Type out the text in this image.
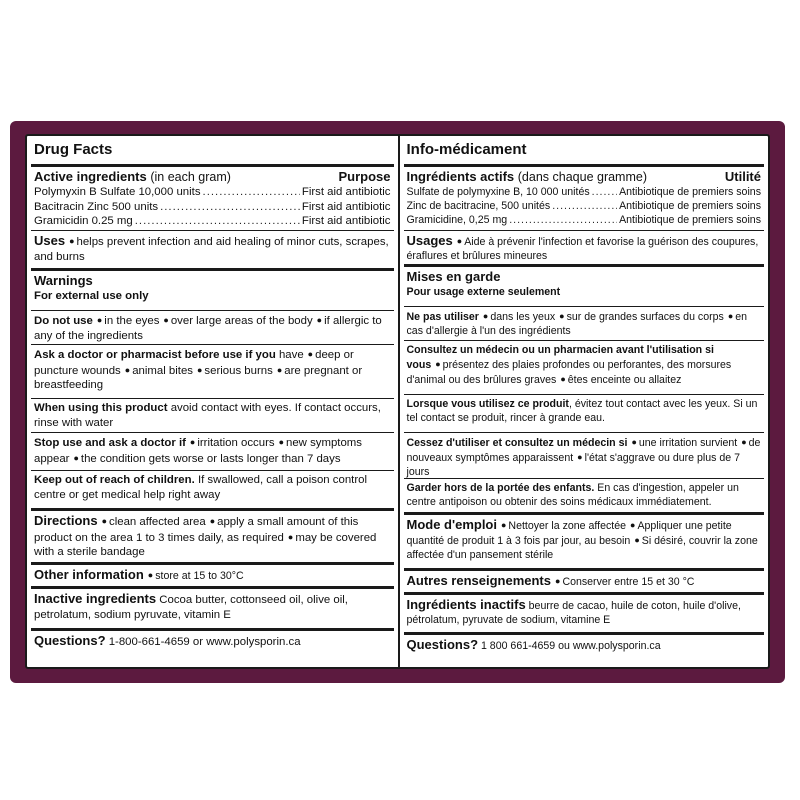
Drug Facts
Active ingredients (in each gram)	Purpose
Polymyxin B Sulfate 10,000 units .....	First aid antibiotic
Bacitracin Zinc 500 units .....	First aid antibiotic
Gramicidin 0.25 mg .....	First aid antibiotic
Uses ● helps prevent infection and aid healing of minor cuts, scrapes, and burns
Warnings
For external use only
Do not use ● in the eyes ● over large areas of the body ● if allergic to any of the ingredients
Ask a doctor or pharmacist before use if you have ● deep or puncture wounds ● animal bites ● serious burns ● are pregnant or breastfeeding
When using this product avoid contact with eyes. If contact occurs, rinse with water
Stop use and ask a doctor if ● irritation occurs ● new symptoms appear ● the condition gets worse or lasts longer than 7 days
Keep out of reach of children. If swallowed, call a poison control centre or get medical help right away
Directions ● clean affected area ● apply a small amount of this product on the area 1 to 3 times daily, as required ● may be covered with a sterile bandage
Other information ● store at 15 to 30°C
Inactive ingredients Cocoa butter, cottonseed oil, olive oil, petrolatum, sodium pyruvate, vitamin E
Questions? 1-800-661-4659 or www.polysporin.ca
Info-médicament
Ingrédients actifs (dans chaque gramme)	Utilité
Sulfate de polymyxine B, 10 000 unités .....	Antibiotique de premiers soins
Zinc de bacitracine, 500 unités .....	Antibiotique de premiers soins
Gramicidine, 0,25 mg .....	Antibiotique de premiers soins
Usages ● Aide à prévenir l'infection et favorise la guérison des coupures, éraflures et brûlures mineures
Mises en garde
Pour usage externe seulement
Ne pas utiliser ● dans les yeux ● sur de grandes surfaces du corps ● en cas d'allergie à l'un des ingrédients
Consultez un médecin ou un pharmacien avant l'utilisation si vous ● présentez des plaies profondes ou perforantes, des morsures d'animal ou des brûlures graves ● êtes enceinte ou allaitez
Lorsque vous utilisez ce produit, évitez tout contact avec les yeux. Si un tel contact se produit, rincer à grande eau.
Cessez d'utiliser et consultez un médecin si ● une irritation survient ● de nouveaux symptômes apparaissent ● l'état s'aggrave ou dure plus de 7 jours
Garder hors de la portée des enfants. En cas d'ingestion, appeler un centre antipoison ou obtenir des soins médicaux immédiatement.
Mode d'emploi ● Nettoyer la zone affectée ● Appliquer une petite quantité de produit 1 à 3 fois par jour, au besoin ● Si désiré, couvrir la zone affectée d'un pansement stérile
Autres renseignements ● Conserver entre 15 et 30 °C
Ingrédients inactifs beurre de cacao, huile de coton, huile d'olive, pétrolatum, pyruvate de sodium, vitamine E
Questions? 1 800 661-4659 ou www.polysporin.ca
